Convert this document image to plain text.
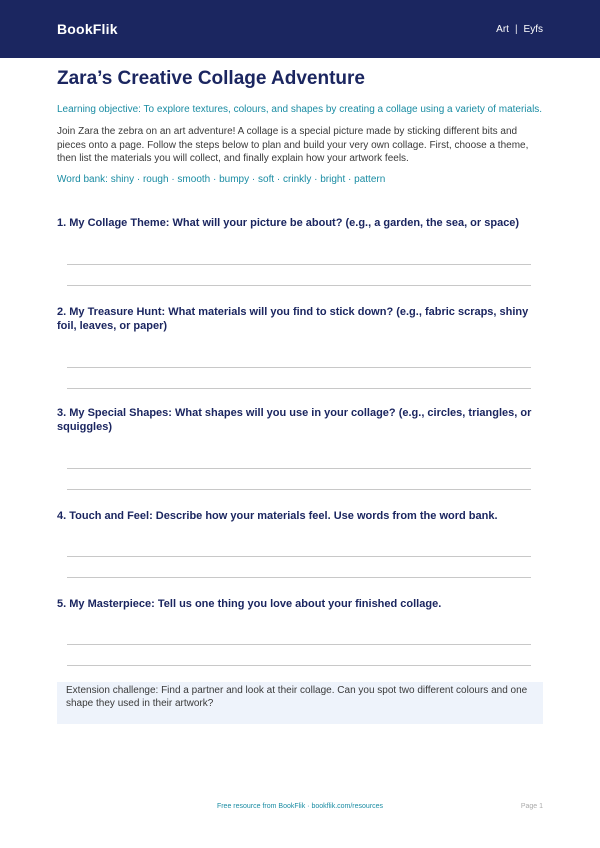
BookFlik	Art | Eyfs
Zara’s Creative Collage Adventure
Learning objective: To explore textures, colours, and shapes by creating a collage using a variety of materials.
Join Zara the zebra on an art adventure! A collage is a special picture made by sticking different bits and pieces onto a page. Follow the steps below to plan and build your very own collage. First, choose a theme, then list the materials you will collect, and finally explain how your artwork feels.
Word bank: shiny · rough · smooth · bumpy · soft · crinkly · bright · pattern

1. My Collage Theme: What will your picture be about? (e.g., a garden, the sea, or space)

2. My Treasure Hunt: What materials will you find to stick down? (e.g., fabric scraps, shiny foil, leaves, or paper)

3. My Special Shapes: What shapes will you use in your collage? (e.g., circles, triangles, or squiggles)

4. Touch and Feel: Describe how your materials feel. Use words from the word bank.

5. My Masterpiece: Tell us one thing you love about your finished collage.

Extension challenge: Find a partner and look at their collage. Can you spot two different colours and one shape they used in their artwork?
Free resource from BookFlik · bookflik.com/resources	Page 1
